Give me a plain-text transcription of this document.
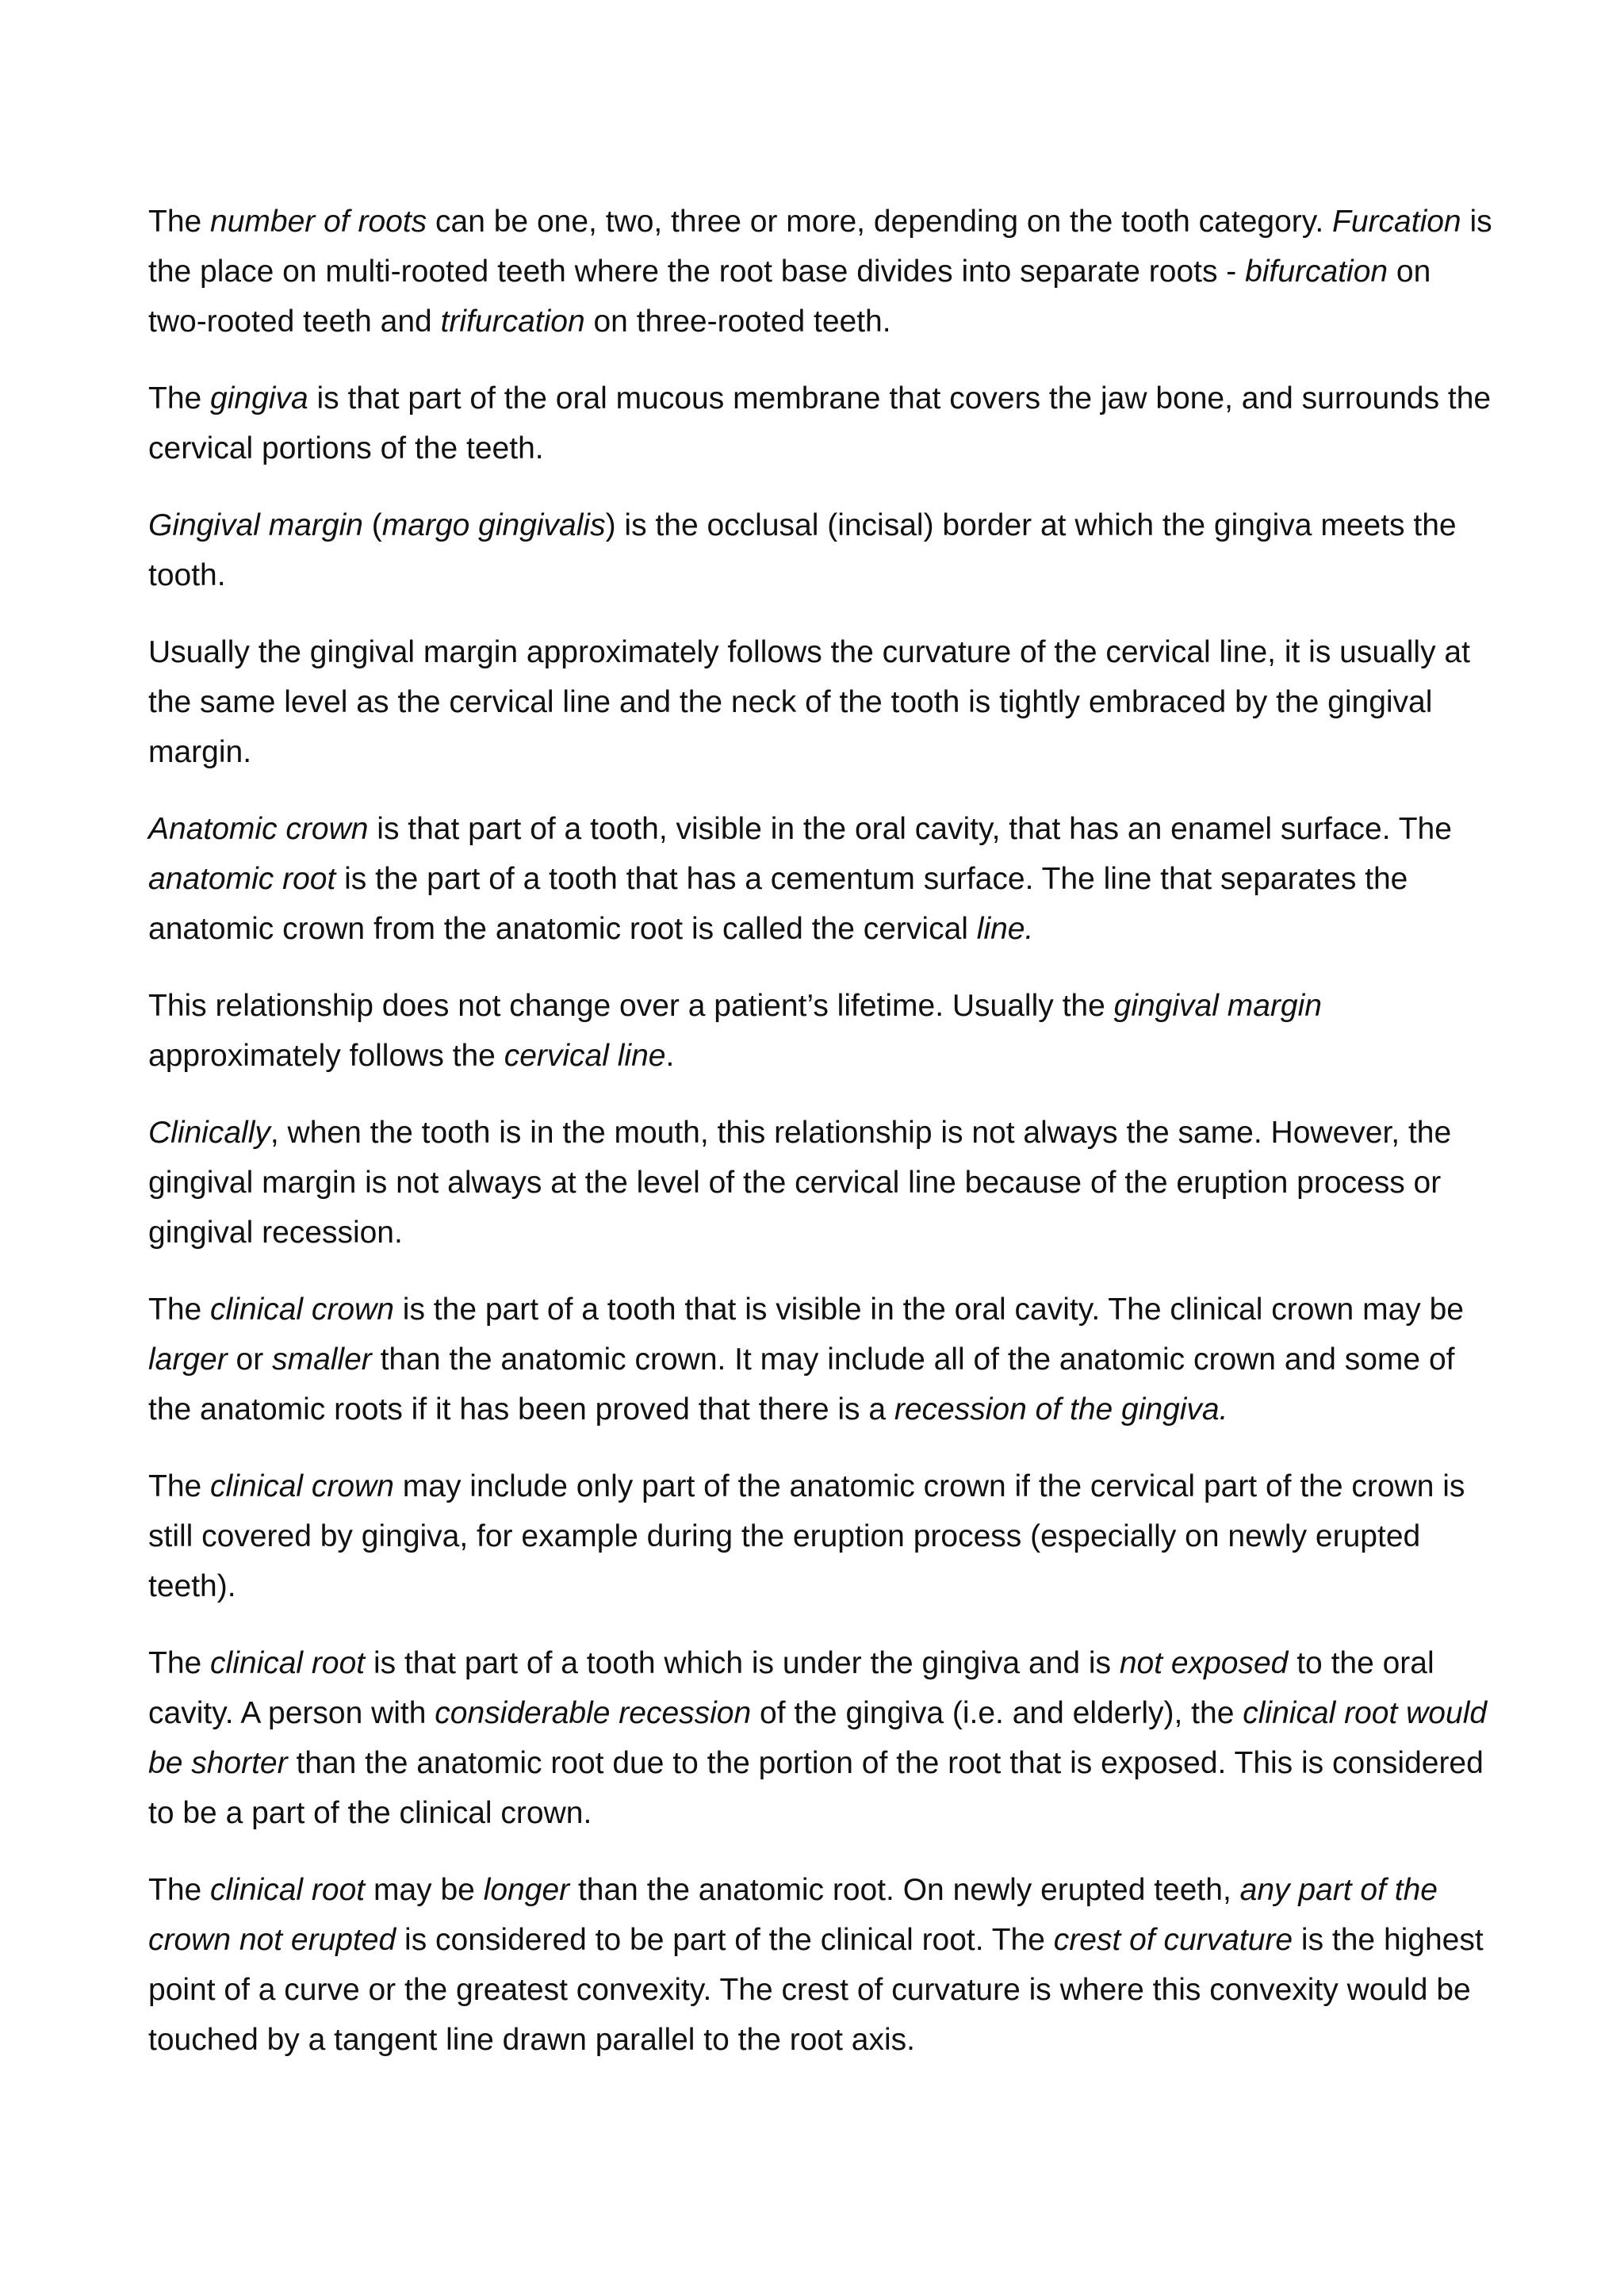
The number of roots can be one, two, three or more, depending on the tooth category. Furcation is the place on multi-rooted teeth where the root base divides into separate roots - bifurcation on two-rooted teeth and trifurcation on three-rooted teeth.

The gingiva is that part of the oral mucous membrane that covers the jaw bone, and surrounds the cervical portions of the teeth.

Gingival margin (margo gingivalis) is the occlusal (incisal) border at which the gingiva meets the tooth.

Usually the gingival margin approximately follows the curvature of the cervical line, it is usually at the same level as the cervical line and the neck of the tooth is tightly embraced by the gingival margin.

Anatomic crown is that part of a tooth, visible in the oral cavity, that has an enamel surface. The anatomic root is the part of a tooth that has a cementum surface. The line that separates the anatomic crown from the anatomic root is called the cervical line.

This relationship does not change over a patient’s lifetime. Usually the gingival margin approximately follows the cervical line.

Clinically, when the tooth is in the mouth, this relationship is not always the same. However, the gingival margin is not always at the level of the cervical line because of the eruption process or gingival recession.

The clinical crown is the part of a tooth that is visible in the oral cavity. The clinical crown may be larger or smaller than the anatomic crown. It may include all of the anatomic crown and some of the anatomic roots if it has been proved that there is a recession of the gingiva.

The clinical crown may include only part of the anatomic crown if the cervical part of the crown is still covered by gingiva, for example during the eruption process (especially on newly erupted teeth).

The clinical root is that part of a tooth which is under the gingiva and is not exposed to the oral cavity. A person with considerable recession of the gingiva (i.e. and elderly), the clinical root would be shorter than the anatomic root due to the portion of the root that is exposed. This is considered to be a part of the clinical crown.

The clinical root may be longer than the anatomic root. On newly erupted teeth, any part of the crown not erupted is considered to be part of the clinical root. The crest of curvature is the highest point of a curve or the greatest convexity. The crest of curvature is where this convexity would be touched by a tangent line drawn parallel to the root axis.
